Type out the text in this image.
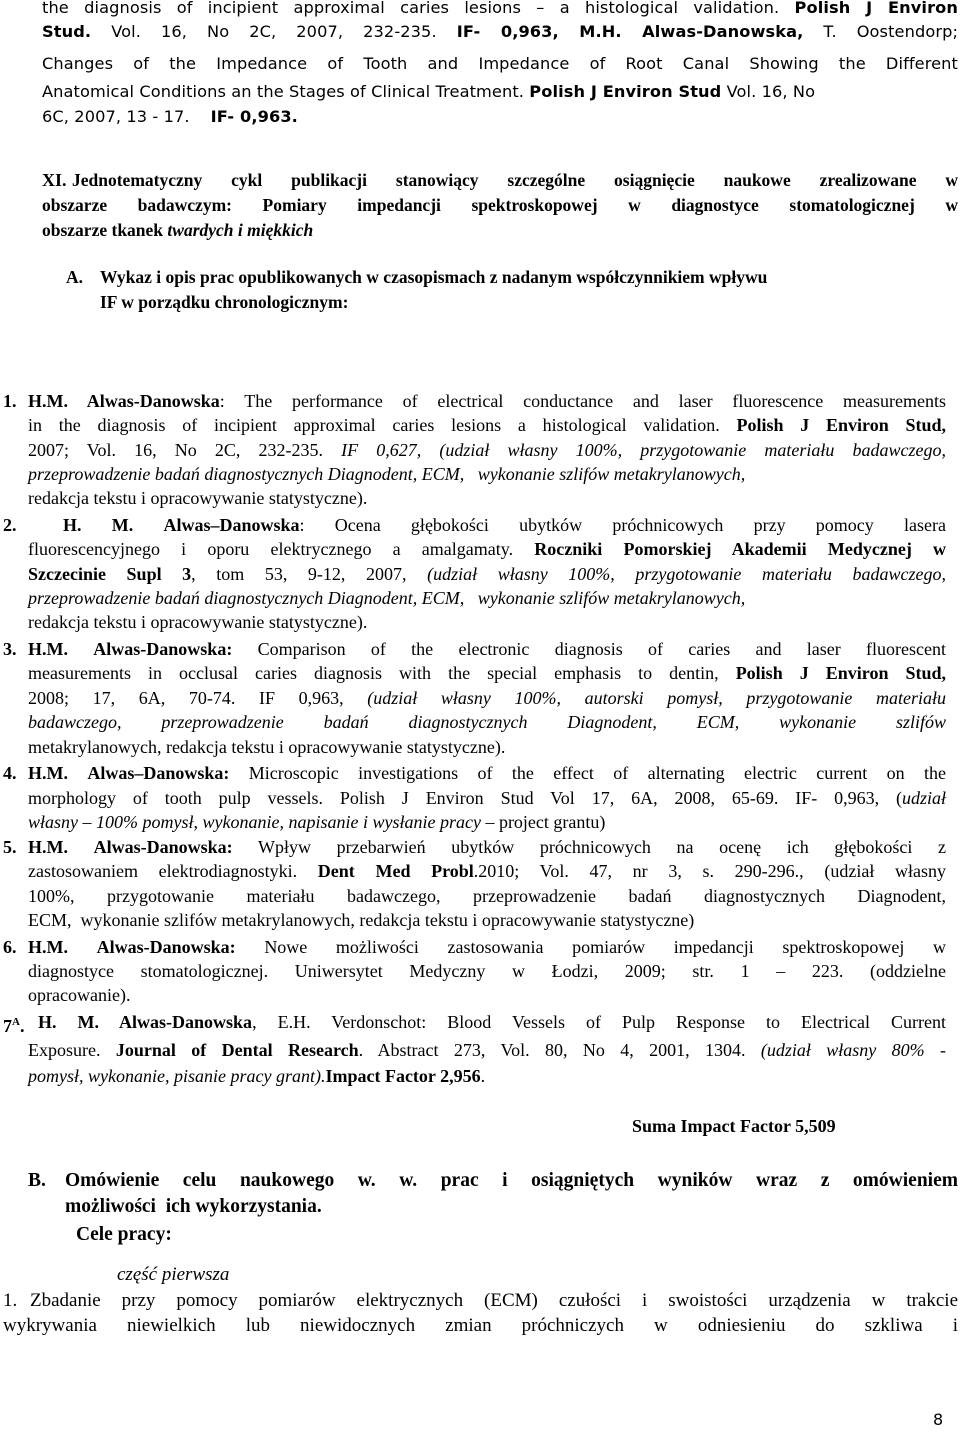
the diagnosis of incipient approximal caries lesions – a histological validation. Polish J Environ
Stud. Vol. 16, No 2C, 2007, 232-235. IF- 0,963, M.H. Alwas-Danowska, T. Oostendorp;
Changes of the Impedance of Tooth and Impedance of Root Canal Showing the Different
Anatomical Conditions an the Stages of Clinical Treatment. Polish J Environ Stud Vol. 16, No
6C, 2007, 13 - 17. IF- 0,963.
XI. Jednotematyczny cykl publikacji stanowiący szczególne osiągnięcie naukowe zrealizowane w
obszarze badawczym: Pomiary impedancji spektroskopowej w diagnostyce stomatologicznej w
obszarze tkanek twardych i miękkich
A. Wykaz i opis prac opublikowanych w czasopismach z nadanym współczynnikiem wpływu
IF w porządku chronologicznym:
1. H.M. Alwas-Danowska: The performance of electrical conductance and laser fluorescence measurements
in the diagnosis of incipient approximal caries lesions a histological validation. Polish J Environ Stud,
2007; Vol. 16, No 2C, 232-235. IF 0,627, (udział własny 100%, przygotowanie materiału badawczego,
przeprowadzenie badań diagnostycznych Diagnodent, ECM,   wykonanie szlifów metakrylanowych,
redakcja tekstu i opracowywanie statystyczne).
2.	H. M. Alwas–Danowska: Ocena głębokości ubytków próchnicowych przy pomocy lasera
fluorescencyjnego i oporu elektrycznego a amalgamaty. Roczniki Pomorskiej Akademii Medycznej w
Szczecinie Supl 3, tom 53, 9-12, 2007, (udział własny 100%, przygotowanie materiału badawczego,
przeprowadzenie badań diagnostycznych Diagnodent, ECM,   wykonanie szlifów metakrylanowych,
redakcja tekstu i opracowywanie statystyczne).
3. H.M. Alwas-Danowska: Comparison of the electronic diagnosis of caries and laser fluorescent
measurements in occlusal caries diagnosis with the special emphasis to dentin, Polish J Environ Stud,
2008; 17, 6A, 70-74. IF 0,963, (udział własny 100%, autorski pomysł, przygotowanie materiału
badawczego, przeprowadzenie badań diagnostycznych Diagnodent, ECM, wykonanie szlifów
metakrylanowych, redakcja tekstu i opracowywanie statystyczne).
4. H.M. Alwas–Danowska: Microscopic investigations of the effect of alternating electric current on the
morphology of tooth pulp vessels. Polish J Environ Stud Vol 17, 6A, 2008, 65-69. IF- 0,963, (udział
własny – 100% pomysł, wykonanie, napisanie i wysłanie pracy – project grantu)
5. H.M. Alwas-Danowska: Wpływ przebarwień ubytków próchnicowych na ocenę ich głębokości z
zastosowaniem elektrodiagnostyki. Dent Med Probl.2010; Vol. 47, nr 3, s. 290-296., (udział własny
100%, przygotowanie materiału badawczego, przeprowadzenie badań diagnostycznych Diagnodent,
ECM,  wykonanie szlifów metakrylanowych, redakcja tekstu i opracowywanie statystyczne)
6. H.M. Alwas-Danowska: Nowe możliwości zastosowania pomiarów impedancji spektroskopowej w
diagnostyce stomatologicznej. Uniwersytet Medyczny w Łodzi, 2009; str. 1 – 223. (oddzielne
opracowanie).
$7^A$. H. M. Alwas-Danowska, E.H. Verdonschot: Blood Vessels of Pulp Response to Electrical Current
Exposure. Journal of Dental Research. Abstract 273, Vol. 80, No 4, 2001, 1304. (udział własny 80% -
pomysł, wykonanie, pisanie pracy grant).Impact Factor 2,956.
Suma Impact Factor 5,509
B. Omówienie celu naukowego w. w. prac i osiągniętych wyników wraz z omówieniem
możliwości  ich wykorzystania.
Cele pracy:
część pierwsza
1. Zbadanie przy pomocy pomiarów elektrycznych (ECM) czułości i swoistości urządzenia w trakcie
wykrywania niewielkich lub niewidocznych zmian próchniczych w odniesieniu do szkliwa i
8
